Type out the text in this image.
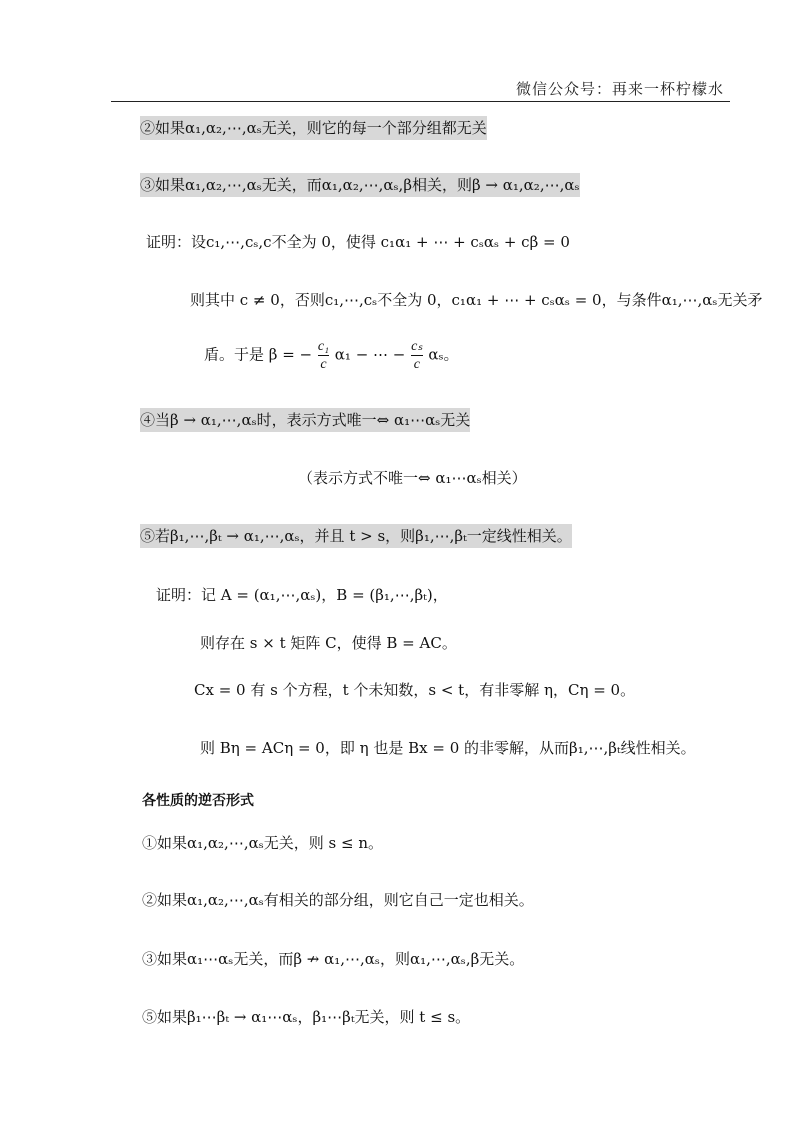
微信公众号：再来一杯柠檬水
②如果α₁,α₂,⋯,αₛ无关，则它的每一个部分组都无关
③如果α₁,α₂,⋯,αₛ无关，而α₁,α₂,⋯,αₛ,β相关，则β → α₁,α₂,⋯,αₛ
证明：设c₁,⋯,cₛ,c不全为 0，使得 c₁α₁ + ⋯ + cₛαₛ + cβ = 0
则其中 c ≠ 0，否则c₁,⋯,cₛ不全为 0，c₁α₁ + ⋯ + cₛαₛ = 0，与条件α₁,⋯,αₛ无关矛
盾。于是 β = − $\frac{\text{c₁}}{c} \alpha_1$ − ⋯ − $\frac{\text{cₛ}}{c}$ αₛ。
④当β → α₁,⋯,αₛ时，表示方式唯一⇔ α₁⋯αₛ无关
（表示方式不唯一⇔ α₁⋯αₛ相关）
⑤若β₁,⋯,βₜ → α₁,⋯,αₛ，并且 t > s，则β₁,⋯,βₜ一定线性相关。
证明：记 A = (α₁,⋯,αₛ)，B = (β₁,⋯,βₜ)，
则存在 s × t 矩阵 C，使得 B = AC。
Cx = 0 有 s 个方程，t 个未知数，s < t，有非零解 η，Cη = 0。
则 Bη = ACη = 0，即 η 也是 Bx = 0 的非零解，从而β₁,⋯,βₜ线性相关。
各性质的逆否形式
①如果α₁,α₂,⋯,αₛ无关，则 s ≤ n。
②如果α₁,α₂,⋯,αₛ有相关的部分组，则它自己一定也相关。
③如果α₁⋯αₛ无关，而β ↛ α₁,⋯,αₛ，则α₁,⋯,αₛ,β无关。
⑤如果β₁⋯βₜ → α₁⋯αₛ，β₁⋯βₜ无关，则 t ≤ s。
